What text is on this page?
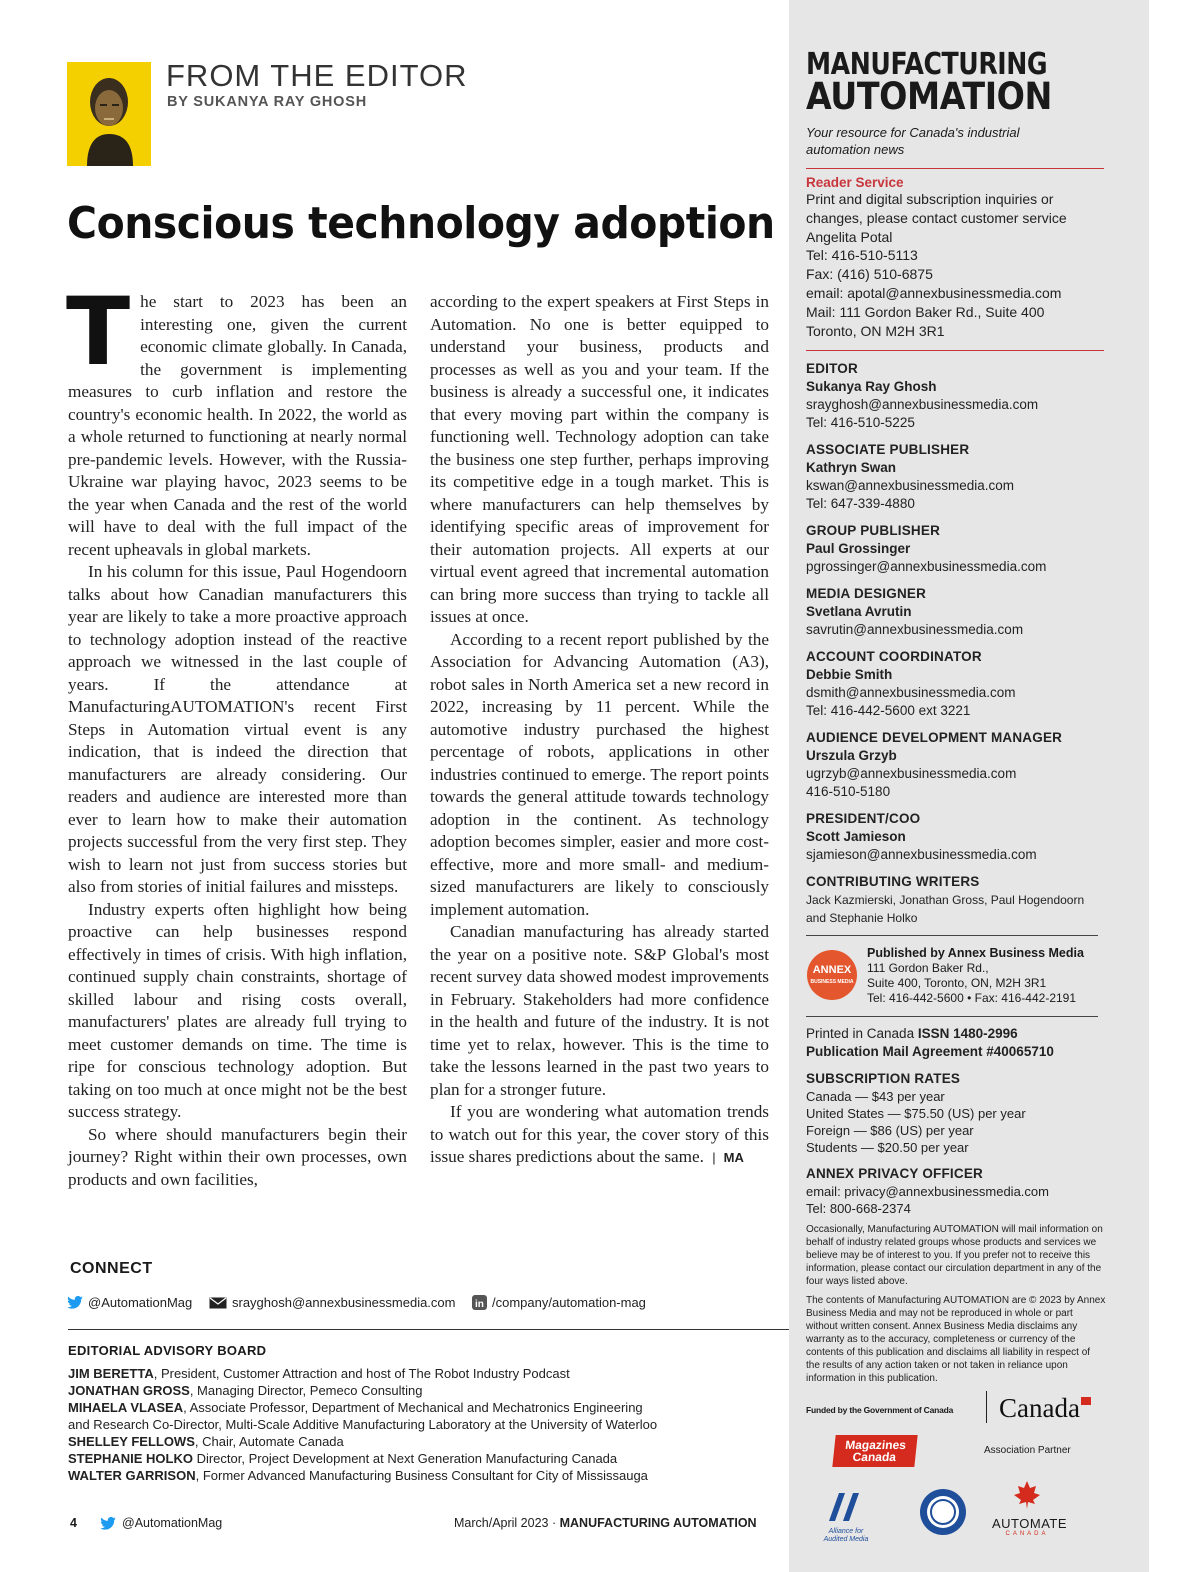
FROM THE EDITOR
BY SUKANYA RAY GHOSH
Conscious technology adoption

The start to 2023 has been an interesting one, given the current economic climate globally. In Canada, the government is implementing measures to curb inflation and restore the country's economic health. In 2022, the world as a whole returned to functioning at nearly normal pre-pandemic levels. However, with the Russia-Ukraine war playing havoc, 2023 seems to be the year when Canada and the rest of the world will have to deal with the full impact of the recent upheavals in global markets.

In his column for this issue, Paul Hogendoorn talks about how Canadian manufacturers this year are likely to take a more proactive approach to technology adoption instead of the reactive approach we witnessed in the last couple of years. If the attendance at ManufacturingAUTOMATION's recent First Steps in Automation virtual event is any indication, that is indeed the direction that manufacturers are already considering. Our readers and audience are interested more than ever to learn how to make their automation projects successful from the very first step. They wish to learn not just from success stories but also from stories of initial failures and missteps.

Industry experts often highlight how being proactive can help businesses respond effectively in times of crisis. With high inflation, continued supply chain constraints, shortage of skilled labour and rising costs overall, manufacturers' plates are already full trying to meet customer demands on time. The time is ripe for conscious technology adoption. But taking on too much at once might not be the best success strategy.

So where should manufacturers begin their journey? Right within their own processes, own products and own facilities,

according to the expert speakers at First Steps in Automation. No one is better equipped to understand your business, products and processes as well as you and your team. If the business is already a successful one, it indicates that every moving part within the company is functioning well. Technology adoption can take the business one step further, perhaps improving its competitive edge in a tough market. This is where manufacturers can help themselves by identifying specific areas of improvement for their automation projects. All experts at our virtual event agreed that incremental automation can bring more success than trying to tackle all issues at once.

According to a recent report published by the Association for Advancing Automation (A3), robot sales in North America set a new record in 2022, increasing by 11 percent. While the automotive industry purchased the highest percentage of robots, applications in other industries continued to emerge. The report points towards the general attitude towards technology adoption in the continent. As technology adoption becomes simpler, easier and more cost-effective, more and more small- and medium-sized manufacturers are likely to consciously implement automation.

Canadian manufacturing has already started the year on a positive note. S&P Global's most recent survey data showed modest improvements in February. Stakeholders had more confidence in the health and future of the industry. It is not time yet to relax, however. This is the time to take the lessons learned in the past two years to plan for a stronger future.

If you are wondering what automation trends to watch out for this year, the cover story of this issue shares predictions about the same. | MA

CONNECT
@AutomationMag	srayghosh@annexbusinessmedia.com in /company/automation-mag
EDITORIAL ADVISORY BOARD
JIM BERETTA, President, Customer Attraction and host of The Robot Industry Podcast
JONATHAN GROSS, Managing Director, Pemeco Consulting
MIHAELA VLASEA, Associate Professor, Department of Mechanical and Mechatronics Engineering
and Research Co-Director, Multi-Scale Additive Manufacturing Laboratory at the University of Waterloo
SHELLEY FELLOWS, Chair, Automate Canada
STEPHANIE HOLKO Director, Project Development at Next Generation Manufacturing Canada
WALTER GARRISON, Former Advanced Manufacturing Business Consultant for City of Mississauga
4	@AutomationMag	March/April 2023 · MANUFACTURING AUTOMATION
MANUFACTURING
AUTOMATION
Your resource for Canada's industrial automation news
Reader Service
Print and digital subscription inquiries or
changes, please contact customer service
Angelita Potal
Tel: 416-510-5113
Fax: (416) 510-6875
email: apotal@annexbusinessmedia.com
Mail: 111 Gordon Baker Rd., Suite 400
Toronto, ON M2H 3R1
EDITOR
Sukanya Ray Ghosh
srayghosh@annexbusinessmedia.com
Tel: 416-510-5225
ASSOCIATE PUBLISHER
Kathryn Swan
kswan@annexbusinessmedia.com
Tel: 647-339-4880
GROUP PUBLISHER
Paul Grossinger
pgrossinger@annexbusinessmedia.com
MEDIA DESIGNER
Svetlana Avrutin
savrutin@annexbusinessmedia.com
ACCOUNT COORDINATOR
Debbie Smith
dsmith@annexbusinessmedia.com
Tel: 416-442-5600 ext 3221
AUDIENCE DEVELOPMENT MANAGER
Urszula Grzyb
ugrzyb@annexbusinessmedia.com
416-510-5180
PRESIDENT/COO
Scott Jamieson
sjamieson@annexbusinessmedia.com
CONTRIBUTING WRITERS
Jack Kazmierski, Jonathan Gross, Paul Hogendoorn and Stephanie Holko
ANNEX
BUSINESS MEDIA
Published by Annex Business Media
111 Gordon Baker Rd.,
Suite 400, Toronto, ON, M2H 3R1
Tel: 416-442-5600 • Fax: 416-442-2191
Printed in Canada ISSN 1480-2996
Publication Mail Agreement #40065710
SUBSCRIPTION RATES
Canada — $43 per year
United States — $75.50 (US) per year
Foreign — $86 (US) per year
Students — $20.50 per year
ANNEX PRIVACY OFFICER
email: privacy@annexbusinessmedia.com
Tel: 800-668-2374
Occasionally, Manufacturing AUTOMATION will mail information on behalf of industry related groups whose products and services we believe may be of interest to you. If you prefer not to receive this information, please contact our circulation department in any of the four ways listed above.
The contents of Manufacturing AUTOMATION are © 2023 by Annex Business Media and may not be reproduced in whole or part without written consent. Annex Business Media disclaims any warranty as to the accuracy, completeness or currency of the contents of this publication and disclaims all liability in respect of the results of any action taken or not taken in reliance upon information in this publication.
Funded by the Government of Canada Canada
Magazines Canada	Association Partner
Alliance for Audited Media
AUTOMATE
CANADA
